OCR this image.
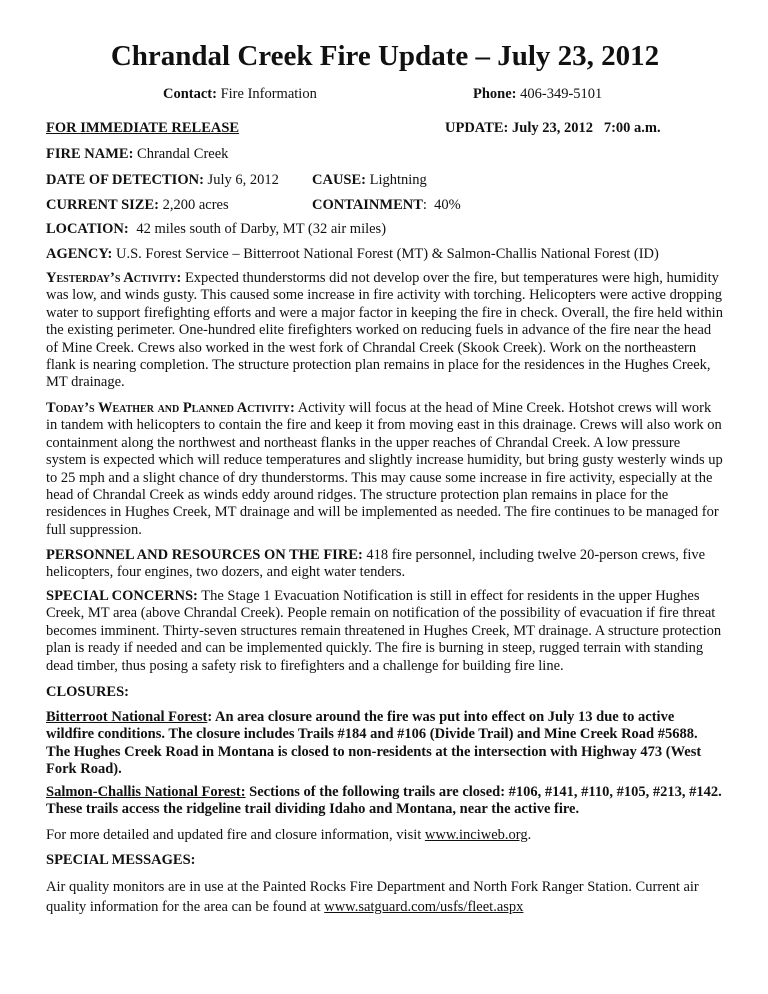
Chrandal Creek Fire Update – July 23, 2012
Contact: Fire Information	Phone: 406-349-5101
FOR IMMEDIATE RELEASE	UPDATE: July 23, 2012   7:00 a.m.
FIRE NAME: Chrandal Creek
DATE OF DETECTION: July 6, 2012 CAUSE: Lightning
CURRENT SIZE: 2,200 acres	CONTAINMENT:  40%
LOCATION: 42 miles south of Darby, MT (32 air miles)
AGENCY: U.S. Forest Service – Bitterroot National Forest (MT) & Salmon-Challis National Forest (ID)
Yesterday’s Activity: Expected thunderstorms did not develop over the fire, but temperatures were high, humidity was low, and winds gusty. This caused some increase in fire activity with torching. Helicopters were active dropping water to support firefighting efforts and were a major factor in keeping the fire in check. Overall, the fire held within the existing perimeter. One-hundred elite firefighters worked on reducing fuels in advance of the fire near the head of Mine Creek. Crews also worked in the west fork of Chrandal Creek (Skook Creek). Work on the northeastern flank is nearing completion. The structure protection plan remains in place for the residences in the Hughes Creek, MT drainage.
Today’s Weather and Planned Activity: Activity will focus at the head of Mine Creek. Hotshot crews will work in tandem with helicopters to contain the fire and keep it from moving east in this drainage. Crews will also work on containment along the northwest and northeast flanks in the upper reaches of Chrandal Creek. A low pressure system is expected which will reduce temperatures and slightly increase humidity, but bring gusty westerly winds up to 25 mph and a slight chance of dry thunderstorms. This may cause some increase in fire activity, especially at the head of Chrandal Creek as winds eddy around ridges. The structure protection plan remains in place for the residences in Hughes Creek, MT drainage and will be implemented as needed. The fire continues to be managed for full suppression.
PERSONNEL AND RESOURCES ON THE FIRE: 418 fire personnel, including twelve 20-person crews, five helicopters, four engines, two dozers, and eight water tenders.
SPECIAL CONCERNS: The Stage 1 Evacuation Notification is still in effect for residents in the upper Hughes Creek, MT area (above Chrandal Creek). People remain on notification of the possibility of evacuation if fire threat becomes imminent. Thirty-seven structures remain threatened in Hughes Creek, MT drainage. A structure protection plan is ready if needed and can be implemented quickly. The fire is burning in steep, rugged terrain with standing dead timber, thus posing a safety risk to firefighters and a challenge for building fire line.
CLOSURES:
Bitterroot National Forest: An area closure around the fire was put into effect on July 13 due to active wildfire conditions. The closure includes Trails #184 and #106 (Divide Trail) and Mine Creek Road #5688. The Hughes Creek Road in Montana is closed to non-residents at the intersection with Highway 473 (West Fork Road).
Salmon-Challis National Forest: Sections of the following trails are closed: #106, #141, #110, #105, #213, #142. These trails access the ridgeline trail dividing Idaho and Montana, near the active fire.
For more detailed and updated fire and closure information, visit www.inciweb.org.
SPECIAL MESSAGES:
Air quality monitors are in use at the Painted Rocks Fire Department and North Fork Ranger Station. Current air quality information for the area can be found at www.satguard.com/usfs/fleet.aspx
